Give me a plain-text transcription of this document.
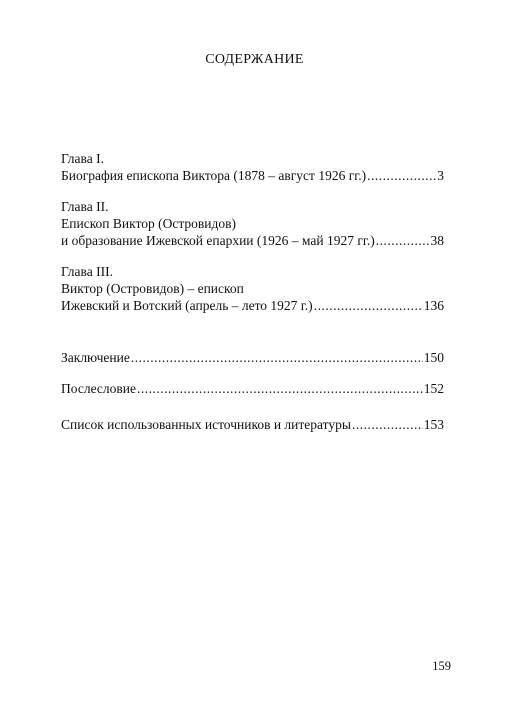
СОДЕРЖАНИЕ
Глава I.
Биография епископа Виктора (1878 – август 1926 гг.) .....	3
Глава II.
Епископ Виктор (Островидов)
и образование Ижевской епархии (1926 – май 1927 гг.) .....	38
Глава III.
Виктор (Островидов) – епископ
Ижевский и Вотский (апрель – лето 1927 г.) .....	136
Заключение .....	150
Послесловие .....	152
Список использованных источников и литературы .....	153
159
